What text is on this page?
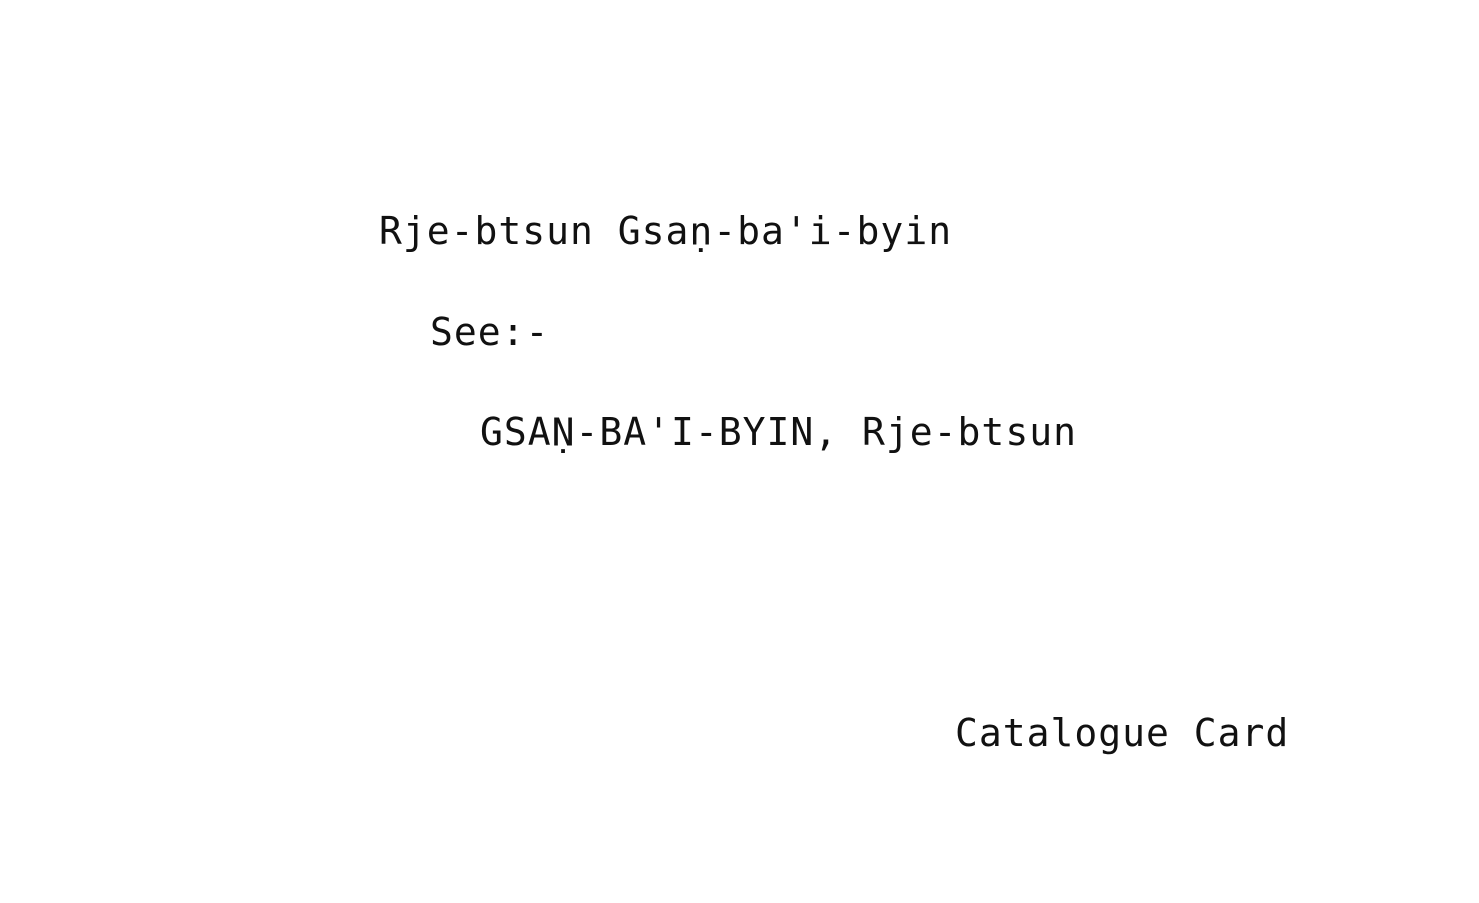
Rje-btsun Gsaṇ-ba'i-byin

See:-

GSAṆ-BA'I-BYIN, Rje-btsun

Catalogue Card
